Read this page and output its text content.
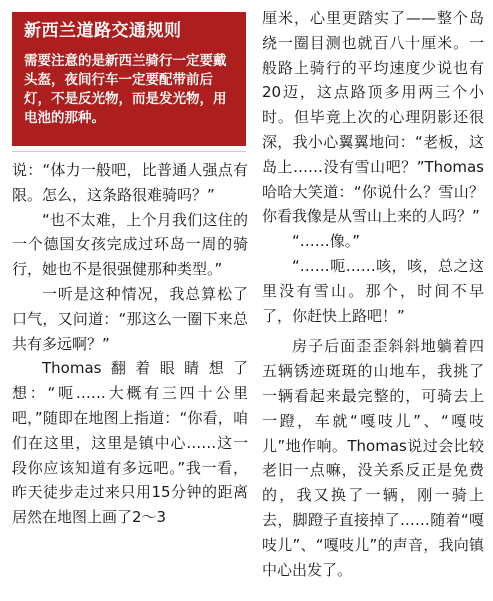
新西兰道路交通规则
需要注意的是新西兰骑行一定要戴头盔，夜间行车一定要配带前后灯，不是反光物，而是发光物，用电池的那种。

说：“体力一般吧，比普通人强点有限。怎么，这条路很难骑吗？”

“也不太难，上个月我们这住的一个德国女孩完成过环岛一周的骑行，她也不是很强健那种类型。”

一听是这种情况，我总算松了口气，又问道：“那这么一圈下来总共有多远啊？”

Thomas翻着眼睛想了想：“呃……大概有三四十公里吧，”随即在地图上指道：“你看，咱们在这里，这里是镇中心……这一段你应该知道有多远吧。”我一看，昨天徒步走过来只用15分钟的距离居然在地图上画了2～3

厘米，心里更踏实了——整个岛绕一圈目测也就百八十厘米。一般路上骑行的平均速度少说也有20迈，这点路顶多用两三个小时。但毕竟上次的心理阴影还很深，我小心翼翼地问：“老板，这岛上……没有雪山吧？”Thomas哈哈大笑道：“你说什么？雪山？你看我像是从雪山上来的人吗？”

“……像。”

“……呃……咳，咳，总之这里没有雪山。那个，时间不早了，你赶快上路吧！”

房子后面歪歪斜斜地躺着四五辆锈迹斑斑的山地车，我挑了一辆看起来最完整的，可骑去上一蹬，车就“嘎吱儿”、“嘎吱儿”地作响。Thomas说过会比较老旧一点嘛，没关系反正是免费的，我又换了一辆，刚一骑上去，脚蹬子直接掉了……随着“嘎吱儿”、“嘎吱儿”的声音，我向镇中心出发了。
